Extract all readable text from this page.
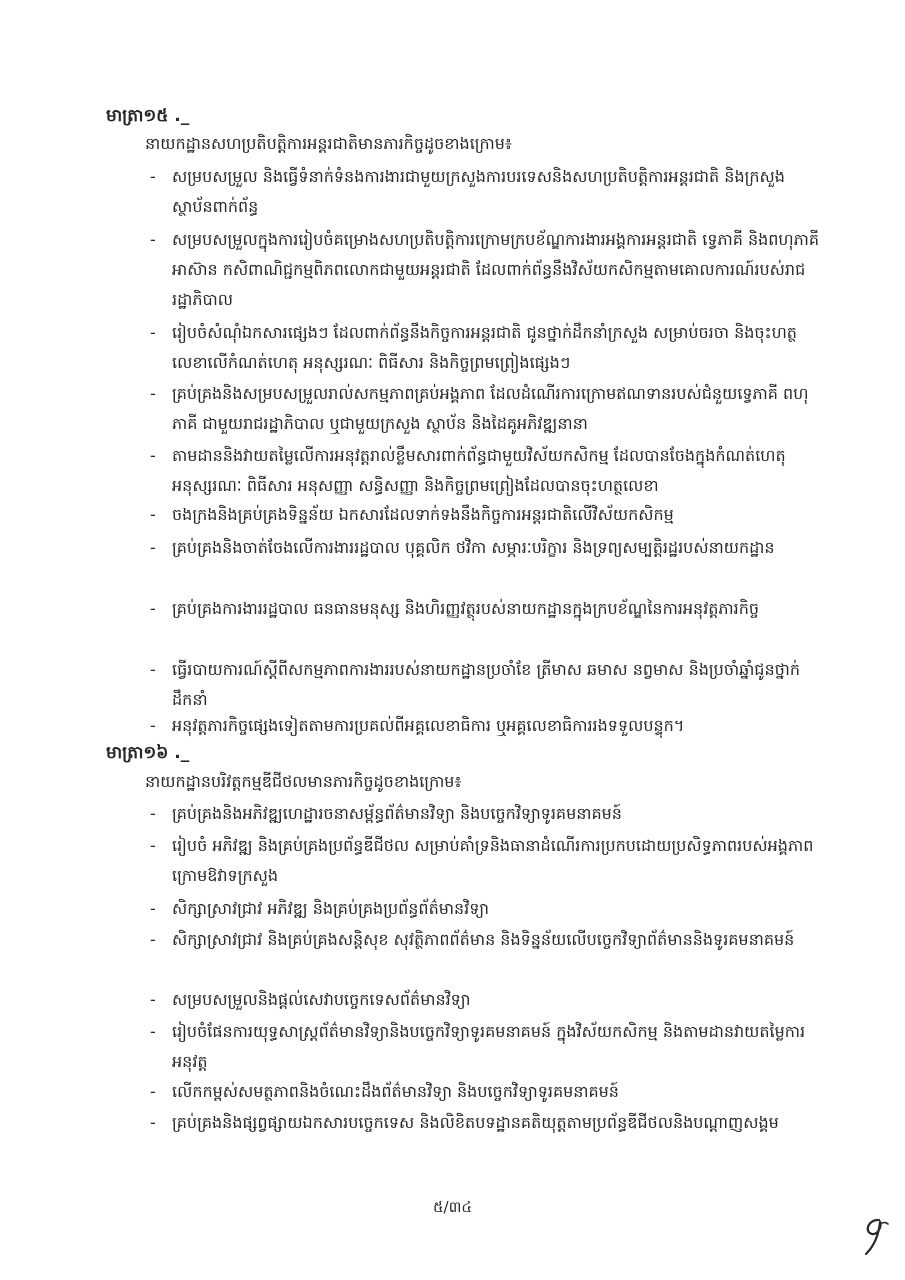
មាត្រា១៥ ._
នាយកដ្ឋានសហប្រតិបត្តិការអន្តរជាតិមានភារកិច្ចដូចខាងក្រោម៖
-	សម្របសម្រួល និងធ្វើទំនាក់ទំនងការងារជាមួយក្រសួងការបរទេសនិងសហប្រតិបត្តិការអន្តរជាតិ និងក្រសួង ស្ថាប័នពាក់ព័ន្ធ
-	សម្របសម្រួលក្នុងការរៀបចំគម្រោងសហប្រតិបត្តិការក្រោមក្របខ័ណ្ឌការងារអង្គការអន្តរជាតិ ទ្វេភាគី និងពហុភាគី អាស៊ាន កសិពាណិជ្ជកម្មពិភពលោកជាមួយអន្តរជាតិ ដែលពាក់ព័ន្ធនឹងវិស័យកសិកម្មតាមគោលការណ៍របស់រាជរដ្ឋាភិបាល
-	រៀបចំសំណុំឯកសារផ្សេងៗ ដែលពាក់ព័ន្ធនឹងកិច្ចការអន្តរជាតិ ជូនថ្នាក់ដឹកនាំក្រសួង សម្រាប់ចរចា និងចុះហត្ថលេខាលើកំណត់ហេតុ អនុស្សរណៈ ពិធីសារ និងកិច្ចព្រមព្រៀងផ្សេងៗ
-	គ្រប់គ្រងនិងសម្របសម្រួលរាល់សកម្មភាពគ្រប់អង្គភាព ដែលដំណើរការក្រោមឥណទានរបស់ជំនួយទ្វេភាគី ពហុភាគី ជាមួយរាជរដ្ឋាភិបាល ឬជាមួយក្រសួង ស្ថាប័ន និងដៃគូអភិវឌ្ឍនានា
-	តាមដាននិងវាយតម្លៃលើការអនុវត្តរាល់ខ្លឹមសារពាក់ព័ន្ធជាមួយវិស័យកសិកម្ម ដែលបានចែងក្នុងកំណត់ហេតុ អនុស្សរណៈ ពិធីសារ អនុសញ្ញា សន្ធិសញ្ញា និងកិច្ចព្រមព្រៀងដែលបានចុះហត្ថលេខា
-	ចងក្រងនិងគ្រប់គ្រងទិន្នន័យ ឯកសារដែលទាក់ទងនឹងកិច្ចការអន្តរជាតិលើវិស័យកសិកម្ម
-	គ្រប់គ្រងនិងចាត់ចែងលើការងាររដ្ឋបាល បុគ្គលិក ថវិកា សម្ភារៈបរិក្ខារ និងទ្រព្យសម្បត្តិរដ្ឋរបស់នាយកដ្ឋាន
-	គ្រប់គ្រងការងាររដ្ឋបាល ធនធានមនុស្ស និងហិរញ្ញវត្ថុរបស់នាយកដ្ឋានក្នុងក្របខ័ណ្ឌនៃការអនុវត្តភារកិច្ច
-	ធ្វើរបាយការណ៍ស្តីពីសកម្មភាពការងាររបស់នាយកដ្ឋានប្រចាំខែ ត្រីមាស ឆមាស នព្វមាស និងប្រចាំឆ្នាំជូនថ្នាក់ដឹកនាំ
-	អនុវត្តភារកិច្ចផ្សេងទៀតតាមការប្រគល់ពីអគ្គលេខាធិការ ឬអគ្គលេខាធិការរងទទួលបន្ទុក។
មាត្រា១៦ ._
នាយកដ្ឋានបរិវត្តកម្មឌីជីថលមានភារកិច្ចដូចខាងក្រោម៖
-	គ្រប់គ្រងនិងអភិវឌ្ឍហេដ្ឋារចនាសម្ព័ន្ធព័ត៌មានវិទ្យា និងបច្ចេកវិទ្យាទូរគមនាគមន៍
-	រៀបចំ អភិវឌ្ឍ និងគ្រប់គ្រងប្រព័ន្ធឌីជីថល សម្រាប់គាំទ្រនិងធានាដំណើរការប្រកបដោយប្រសិទ្ធភាពរបស់អង្គភាពក្រោមឱវាទក្រសួង
-	សិក្សាស្រាវជ្រាវ អភិវឌ្ឍ និងគ្រប់គ្រងប្រព័ន្ធព័ត៌មានវិទ្យា
-	សិក្សាស្រាវជ្រាវ និងគ្រប់គ្រងសន្តិសុខ សុវត្ថិភាពព័ត៌មាន និងទិន្នន័យលើបច្ចេកវិទ្យាព័ត៌មាននិងទូរគមនាគមន៍
-	សម្របសម្រួលនិងផ្តល់សេវាបច្ចេកទេសព័ត៌មានវិទ្យា
-	រៀបចំផែនការយុទ្ធសាស្ត្រព័ត៌មានវិទ្យានិងបច្ចេកវិទ្យាទូរគមនាគមន៍ ក្នុងវិស័យកសិកម្ម និងតាមដានវាយតម្លៃការអនុវត្ត
-	លើកកម្ពស់សមត្ថភាពនិងចំណេះដឹងព័ត៌មានវិទ្យា និងបច្ចេកវិទ្យាទូរគមនាគមន៍
-	គ្រប់គ្រងនិងផ្សព្វផ្សាយឯកសារបច្ចេកទេស និងលិខិតបទដ្ឋានគតិយុត្តតាមប្រព័ន្ធឌីជីថលនិងបណ្តាញសង្គម
៥/៣៤
